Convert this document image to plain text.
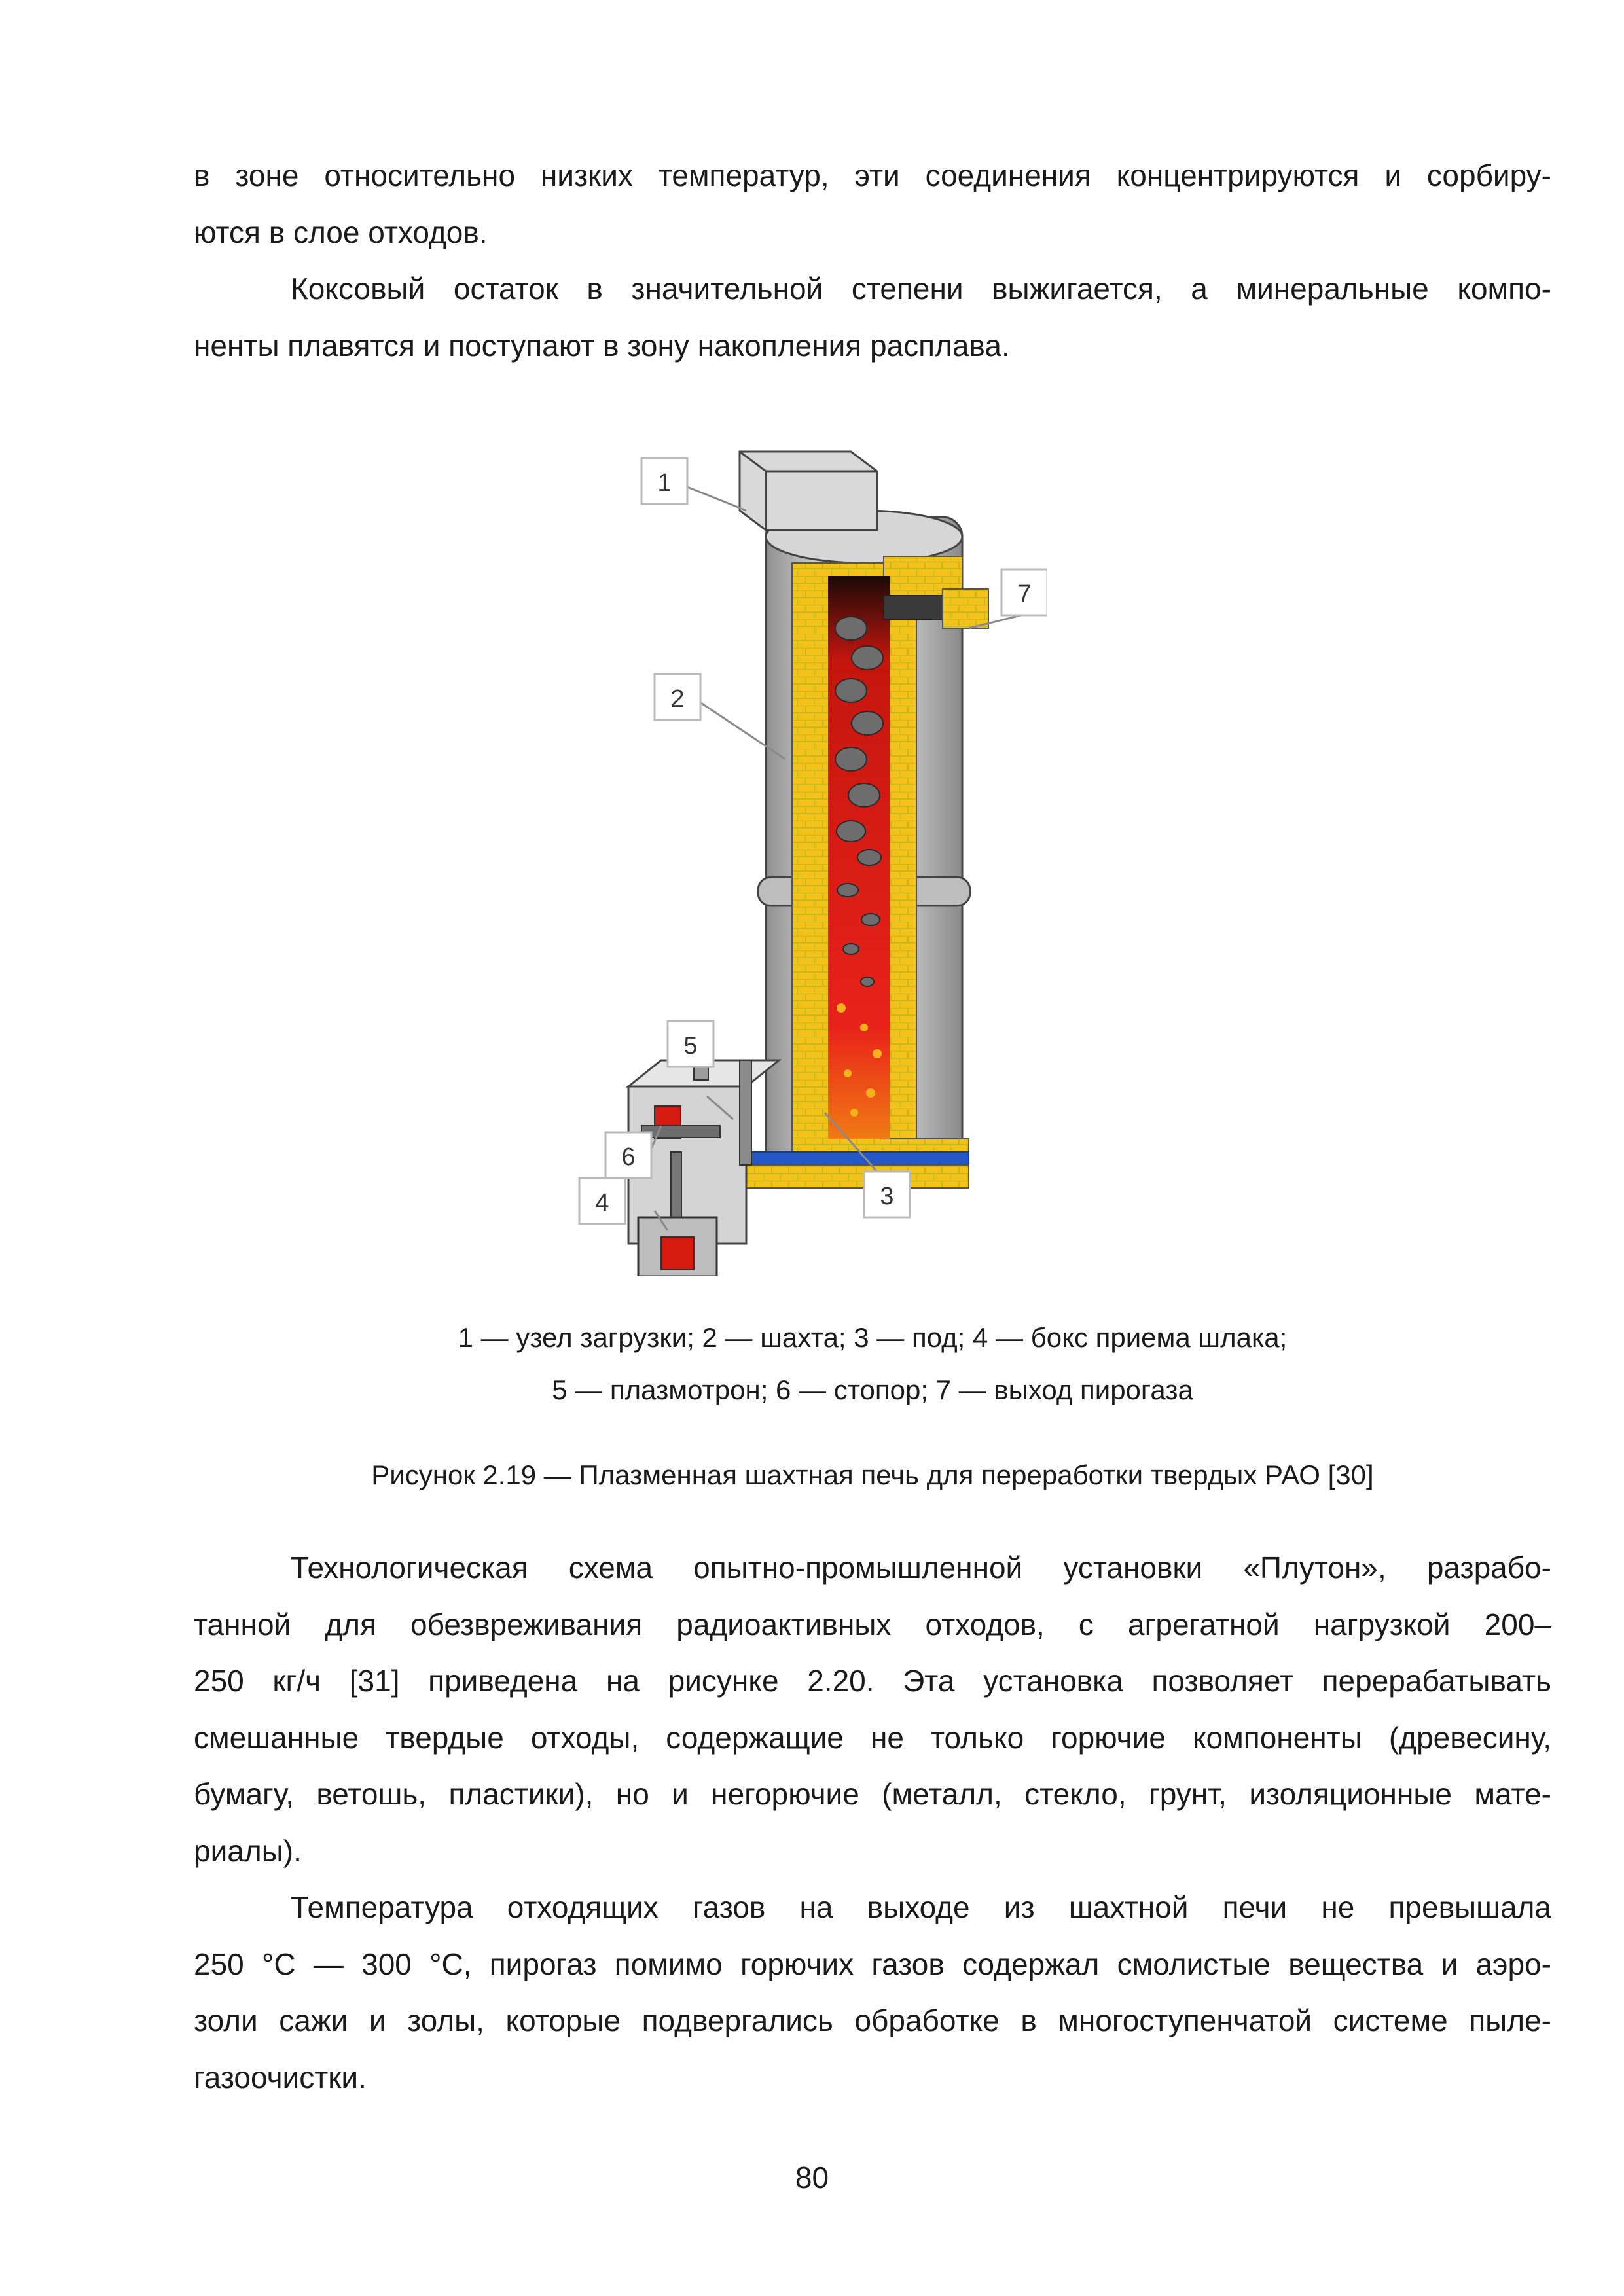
в зоне относительно низких температур, эти соединения концентрируются и сорбиру-

ются в слое отходов.

Коксовый остаток в значительной степени выжигается, а минеральные компо-

ненты плавятся и поступают в зону накопления расплава.

1
2
7
5
6
3
4
1 — узел загрузки; 2 — шахта; 3 — под; 4 — бокс приема шлака;
5 — плазмотрон; 6 — стопор; 7 — выход пирогаза
Рисунок 2.19 — Плазменная шахтная печь для переработки твердых РАО [30]

Технологическая схема опытно-промышленной установки «Плутон», разрабо-

танной для обезвреживания радиоактивных отходов, с агрегатной нагрузкой 200–

250 кг/ч [31] приведена на рисунке 2.20. Эта установка позволяет перерабатывать

смешанные твердые отходы, содержащие не только горючие компоненты (древесину,

бумагу, ветошь, пластики), но и негорючие (металл, стекло, грунт, изоляционные мате-

риалы).

Температура отходящих газов на выходе из шахтной печи не превышала

250 °C — 300 °C, пирогаз помимо горючих газов содержал смолистые вещества и аэро-

золи сажи и золы, которые подвергались обработке в многоступенчатой системе пыле-

газоочистки.

80
